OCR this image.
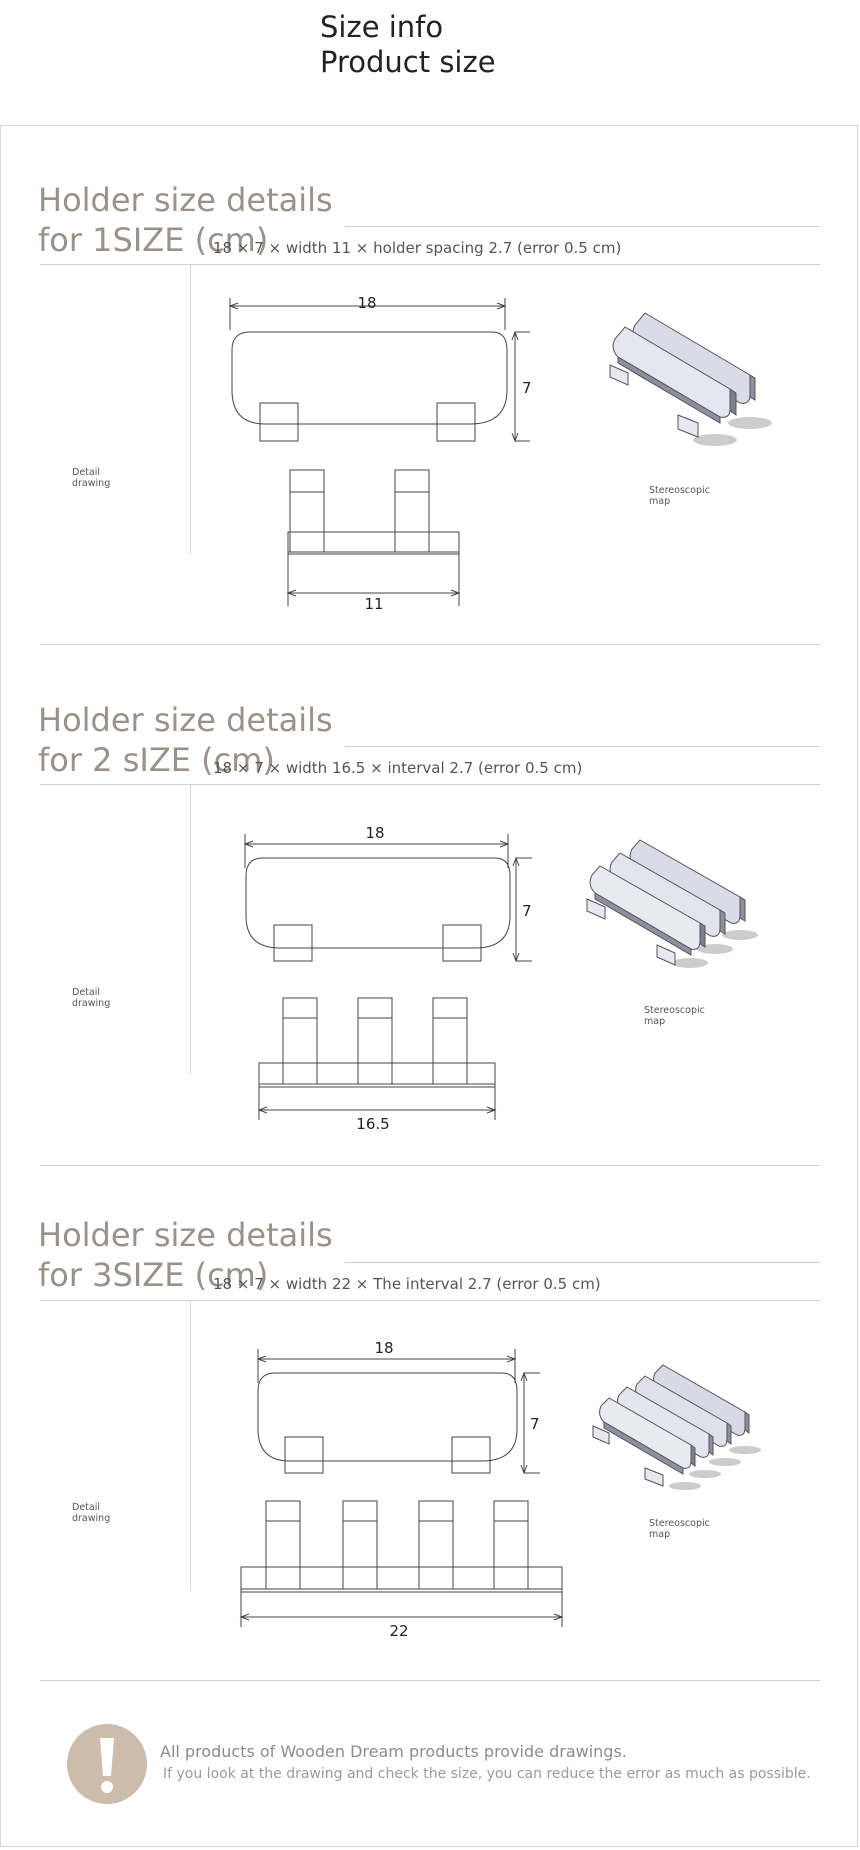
Size info
Product size
Holder size details
for 1SIZE (cm)
18 × 7 × width 11 × holder spacing 2.7 (error 0.5 cm)
Detail drawing
Stereoscopic map
18
7
11
Holder size details
for 2 sIZE (cm)
18 × 7 × width 16.5 × interval 2.7 (error 0.5 cm)
Detail drawing
Stereoscopic map
18
7
16.5
Holder size details
for 3SIZE (cm)
18 × 7 × width 22 × The interval 2.7 (error 0.5 cm)
Detail drawing	Stereoscopic map
18
7
22
All products of Wooden Dream products provide drawings.
If you look at the drawing and check the size, you can reduce the error as much as possible.
